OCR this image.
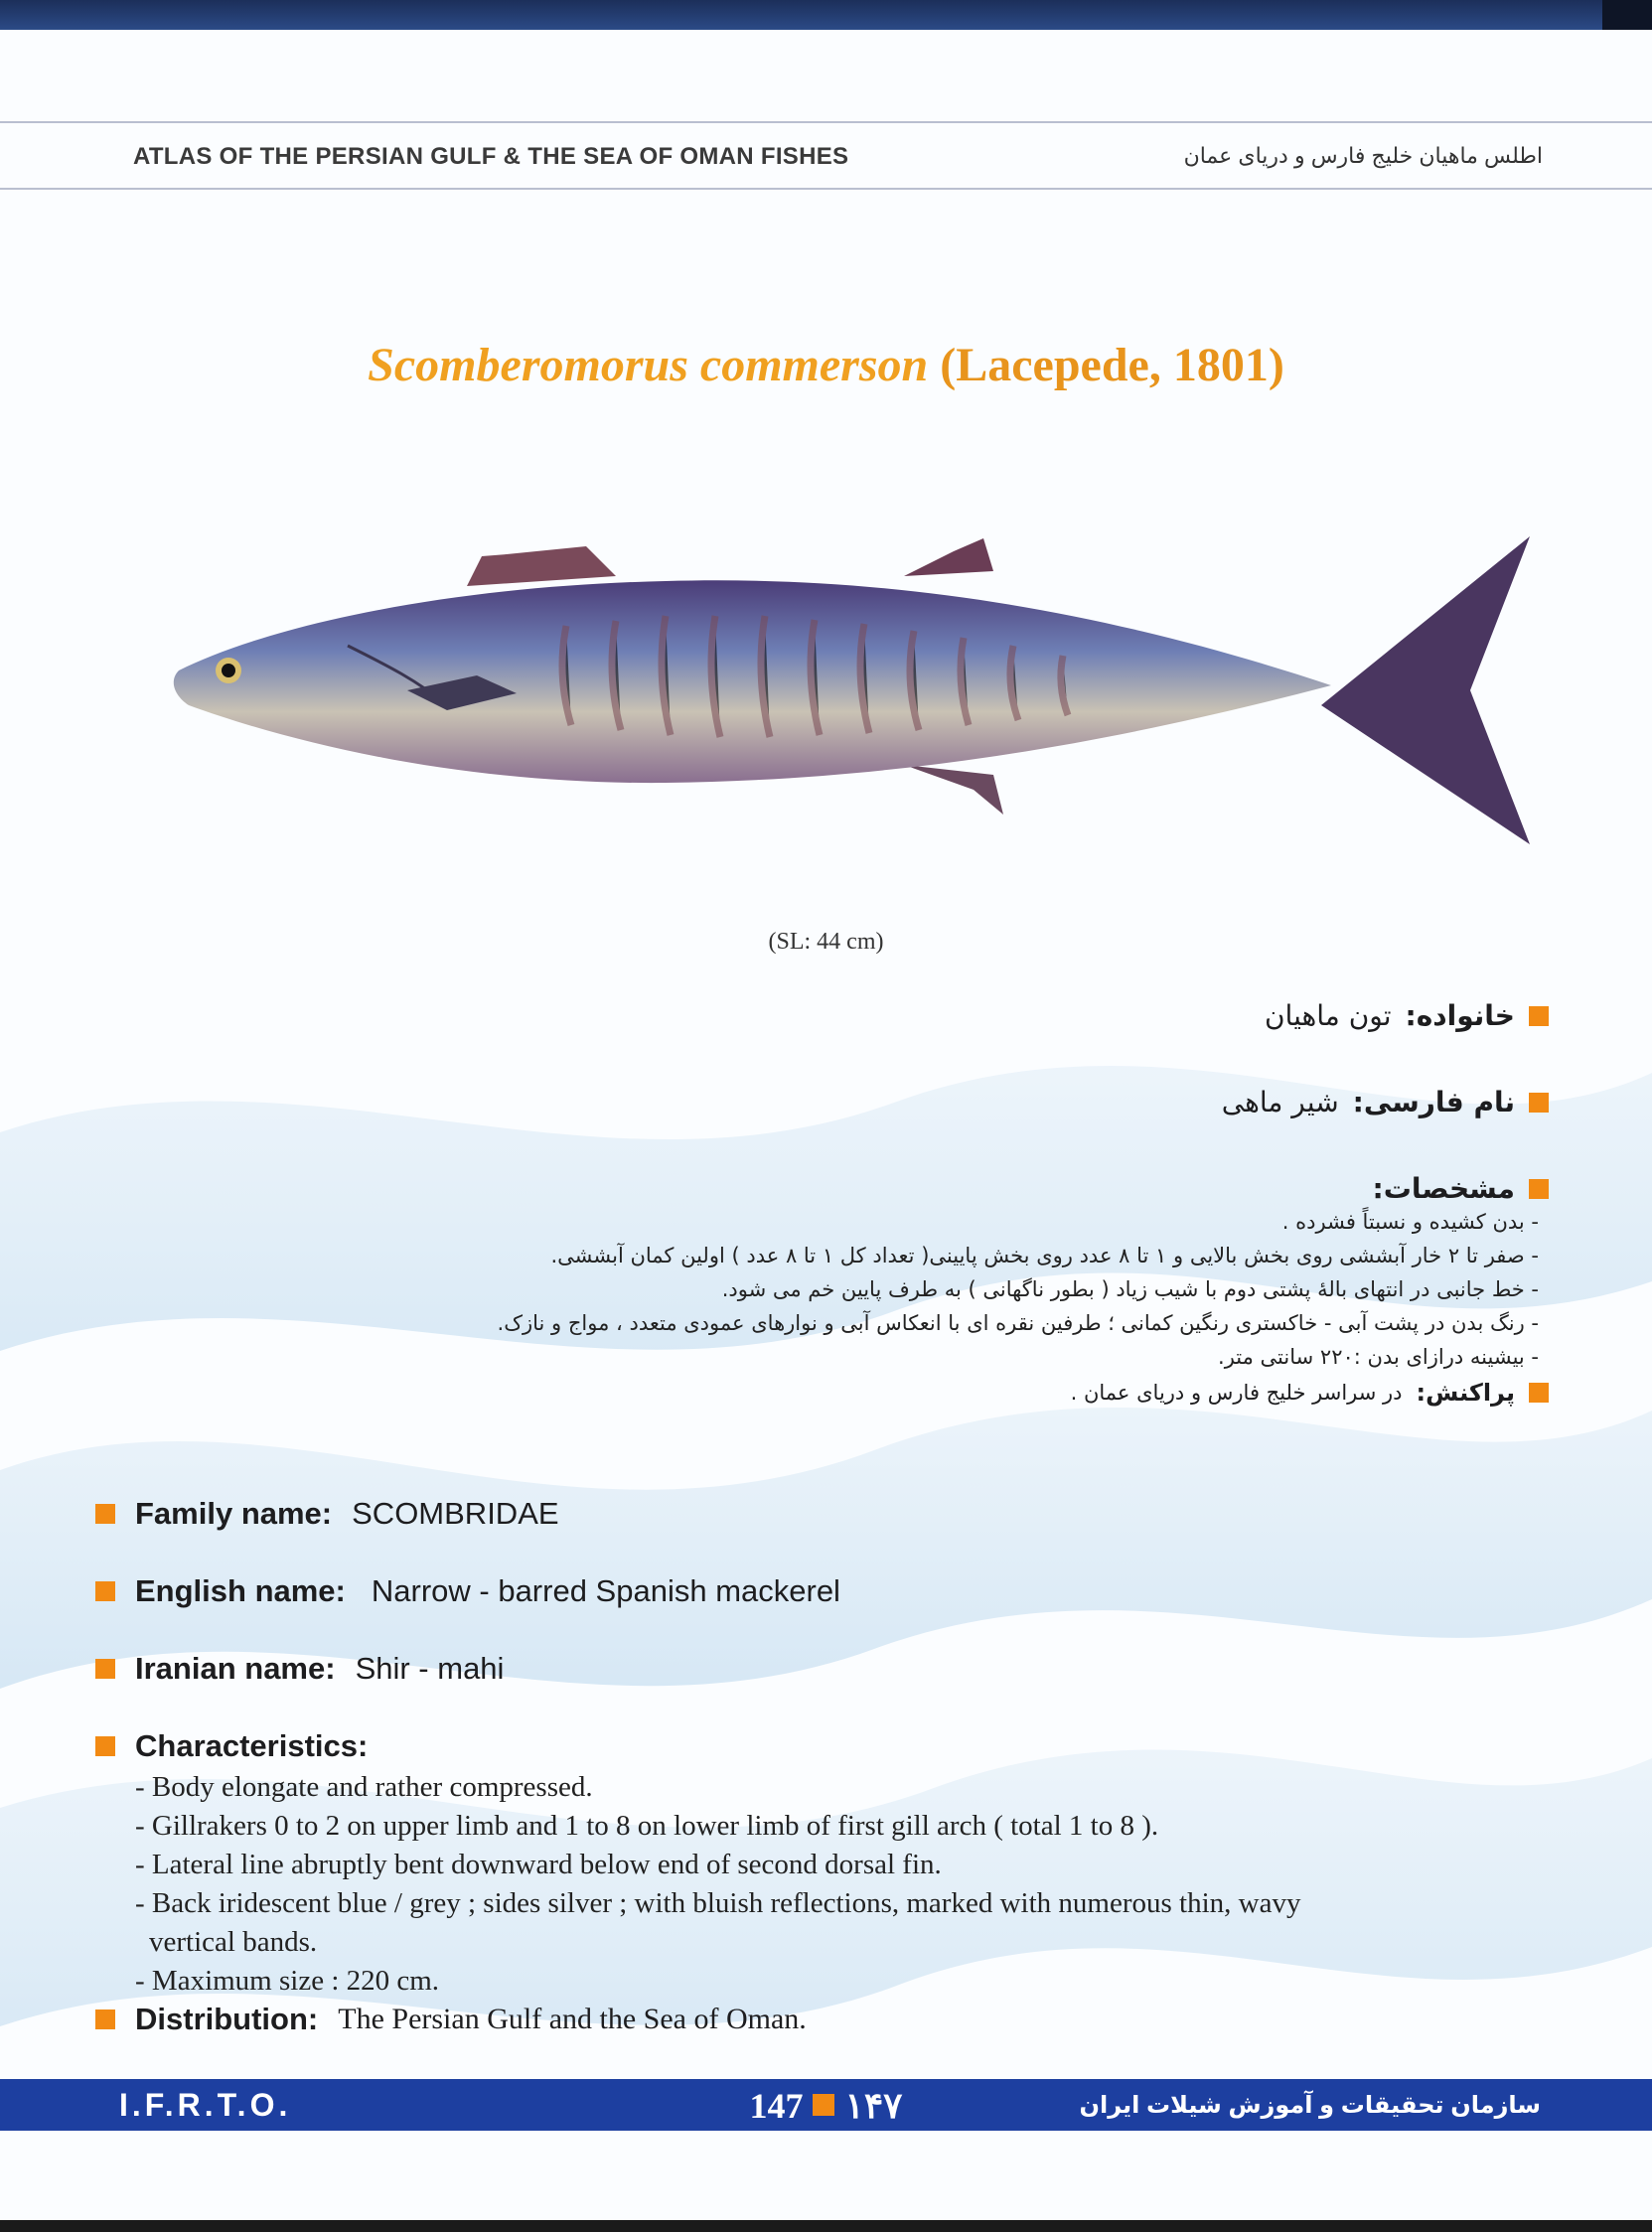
ATLAS OF THE PERSIAN GULF & THE SEA OF OMAN FISHES	اطلس ماهیان خلیج فارس و دریای عمان
Scomberomorus commerson (Lacepede, 1801)
(SL: 44 cm)
خانواده:
تون ماهیان
نام فارسی:
شیر ماهی
مشخصات:
- بدن کشیده و نسبتاً فشرده .
- صفر تا ۲ خار آبششی روی بخش بالایی و ۱ تا ۸ عدد روی بخش پایینی( تعداد کل ۱ تا ۸ عدد ) اولین کمان آبششی.
- خط جانبی در انتهای بالهٔ پشتی دوم با شیب زیاد ( بطور ناگهانی ) به طرف پایین خم می شود.
- رنگ بدن در پشت آبی - خاکستری رنگین کمانی ؛ طرفین نقره ای با انعکاس آبی و نوارهای عمودی متعدد ، مواج و نازک.
- بیشینه درازای بدن :۲۲۰ سانتی متر.
پراکنش:
در سراسر خلیج فارس و دریای عمان .
Family name: SCOMBRIDAE
English name: Narrow - barred Spanish mackerel
Iranian name: Shir - mahi
Characteristics:
- Body elongate and rather compressed.
- Gillrakers 0 to 2 on upper limb and 1 to 8 on lower limb of first gill arch ( total 1 to 8 ).
- Lateral line abruptly bent downward below end of second dorsal fin.
- Back iridescent blue / grey ; sides silver ; with bluish reflections, marked with numerous thin, wavy
vertical bands.
- Maximum size : 220 cm.
Distribution: The Persian Gulf and the Sea of Oman.
I.F.R.T.O.	147 ۱۴۷	سازمان تحقیقات و آموزش شیلات ایران
